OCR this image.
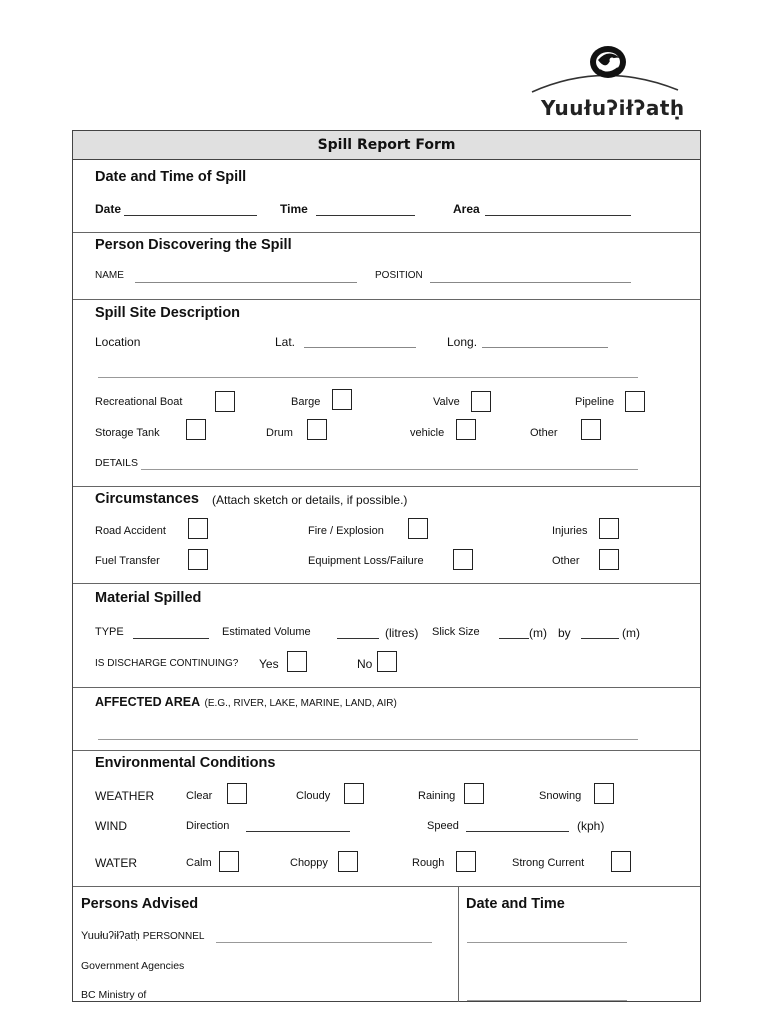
Yuułuʔiłʔatḥ
Spill Report Form
Date and Time of Spill
Date	Time	Area
Person Discovering the Spill
NAME	POSITION
Spill Site Description
Location	Lat.	Long.
Recreational Boat	Barge	Valve	Pipeline
Storage Tank	Drum	vehicle	Other
DETAILS
Circumstances (Attach sketch or details, if possible.)
Road Accident	Fire / Explosion	Injuries
Fuel Transfer	Equipment Loss/Failure	Other
Material Spilled
TYPE	Estimated Volume	(litres) Slick Size	(m) by	(m)
IS DISCHARGE CONTINUING? Yes	No
AFFECTED AREA (E.G., RIVER, LAKE, MARINE, LAND, AIR)
Environmental Conditions
WEATHER	Clear	Cloudy	Raining	Snowing
WIND	Direction	Speed	(kph)
WATER	Calm	Choppy	Rough	Strong Current
Persons Advised	Date and Time
Yuułuʔiłʔatḥ PERSONNEL
Government Agencies
BC Ministry of
